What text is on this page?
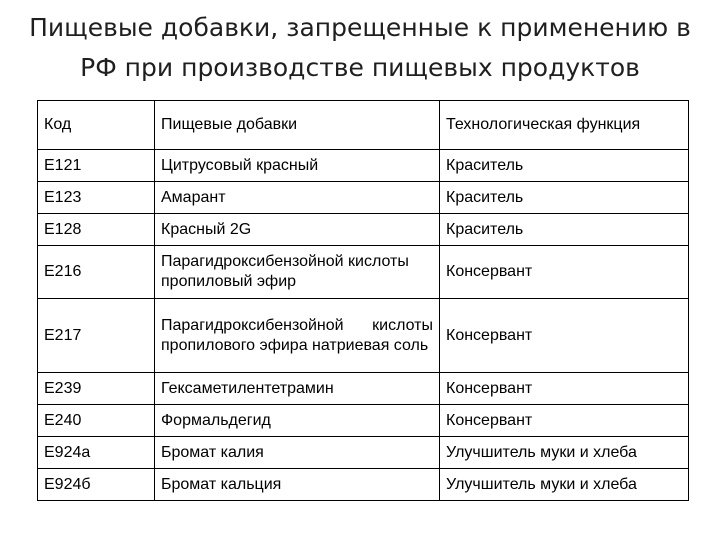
Пищевые добавки, запрещенные к применению в
РФ при производстве пищевых продуктов
Код	Пищевые добавки	Технологическая функция
Е121	Цитрусовый красный	Краситель
Е123	Амарант	Краситель
Е128	Красный 2G	Краситель
Е216	Парагидроксибензойной кислоты пропиловый эфир	Консервант
Е217	Парагидроксибензойной кислоты пропилового эфира натриевая соль	Консервант
Е239	Гексаметилентетрамин	Консервант
Е240	Формальдегид	Консервант
Е924а	Бромат калия	Улучшитель муки и хлеба
Е924б	Бромат кальция	Улучшитель муки и хлеба
